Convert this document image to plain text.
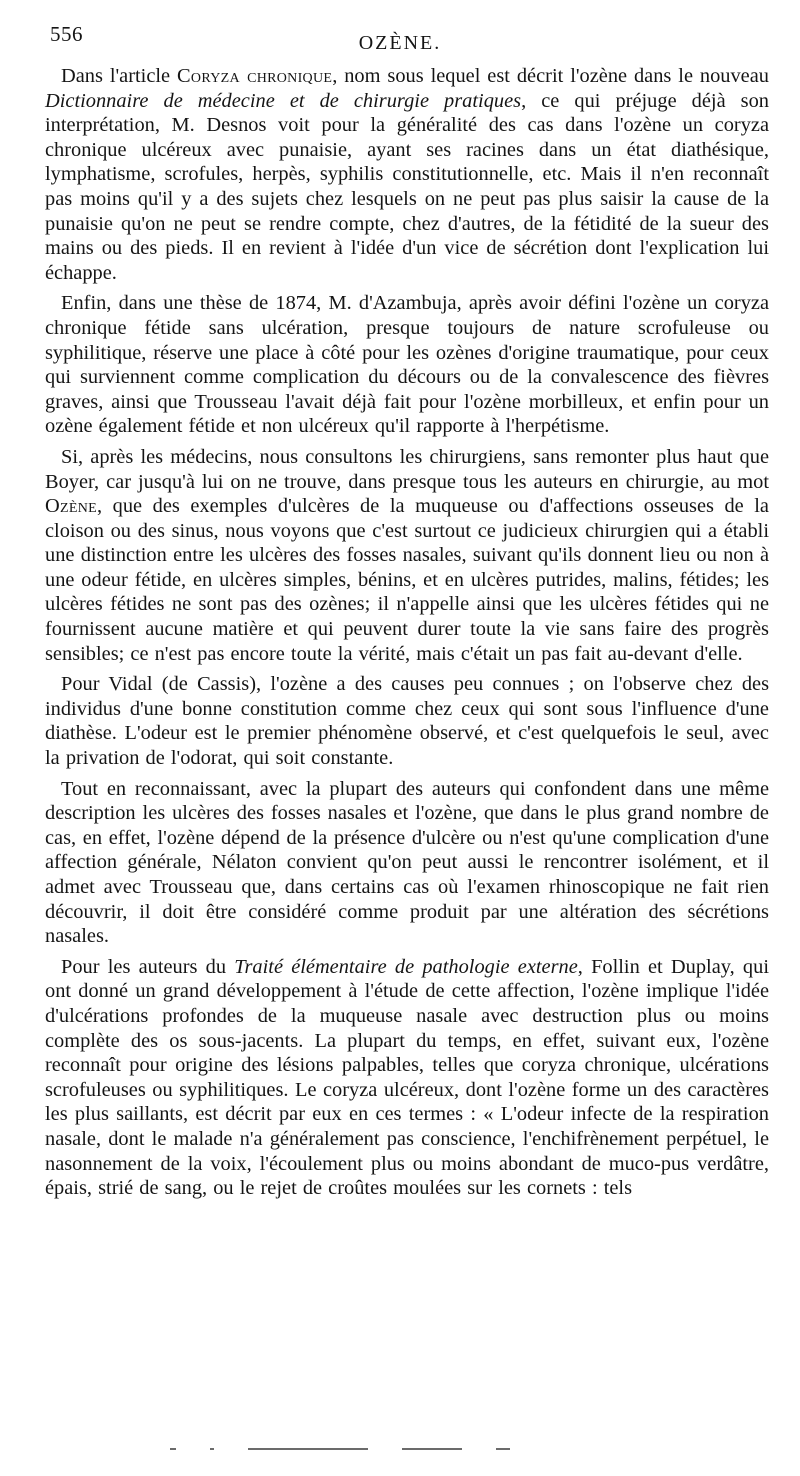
556	OZÈNE.

Dans l'article Coryza chronique, nom sous lequel est décrit l'ozène dans le nouveau Dictionnaire de médecine et de chirurgie pratiques, ce qui préjuge déjà son interprétation, M. Desnos voit pour la généralité des cas dans l'ozène un coryza chronique ulcéreux avec punaisie, ayant ses racines dans un état diathésique, lymphatisme, scrofules, herpès, syphilis constitutionnelle, etc. Mais il n'en reconnaît pas moins qu'il y a des sujets chez lesquels on ne peut pas plus saisir la cause de la punaisie qu'on ne peut se rendre compte, chez d'autres, de la fétidité de la sueur des mains ou des pieds. Il en revient à l'idée d'un vice de sécrétion dont l'explication lui échappe.

Enfin, dans une thèse de 1874, M. d'Azambuja, après avoir défini l'ozène un coryza chronique fétide sans ulcération, presque toujours de nature scrofuleuse ou syphilitique, réserve une place à côté pour les ozènes d'origine traumatique, pour ceux qui surviennent comme complication du décours ou de la convalescence des fièvres graves, ainsi que Trousseau l'avait déjà fait pour l'ozène morbilleux, et enfin pour un ozène également fétide et non ulcéreux qu'il rapporte à l'herpétisme.

Si, après les médecins, nous consultons les chirurgiens, sans remonter plus haut que Boyer, car jusqu'à lui on ne trouve, dans presque tous les auteurs en chirurgie, au mot Ozène, que des exemples d'ulcères de la muqueuse ou d'affections osseuses de la cloison ou des sinus, nous voyons que c'est surtout ce judicieux chirurgien qui a établi une distinction entre les ulcères des fosses nasales, suivant qu'ils donnent lieu ou non à une odeur fétide, en ulcères simples, bénins, et en ulcères putrides, malins, fétides; les ulcères fétides ne sont pas des ozènes; il n'appelle ainsi que les ulcères fétides qui ne fournissent aucune matière et qui peuvent durer toute la vie sans faire des progrès sensibles; ce n'est pas encore toute la vérité, mais c'était un pas fait au-devant d'elle.

Pour Vidal (de Cassis), l'ozène a des causes peu connues ; on l'observe chez des individus d'une bonne constitution comme chez ceux qui sont sous l'influence d'une diathèse. L'odeur est le premier phénomène observé, et c'est quelquefois le seul, avec la privation de l'odorat, qui soit constante.

Tout en reconnaissant, avec la plupart des auteurs qui confondent dans une même description les ulcères des fosses nasales et l'ozène, que dans le plus grand nombre de cas, en effet, l'ozène dépend de la présence d'ulcère ou n'est qu'une complication d'une affection générale, Nélaton convient qu'on peut aussi le rencontrer isolément, et il admet avec Trousseau que, dans certains cas où l'examen rhinoscopique ne fait rien découvrir, il doit être considéré comme produit par une altération des sécrétions nasales.

Pour les auteurs du Traité élémentaire de pathologie externe, Follin et Duplay, qui ont donné un grand développement à l'étude de cette affection, l'ozène implique l'idée d'ulcérations profondes de la muqueuse nasale avec destruction plus ou moins complète des os sous-jacents. La plupart du temps, en effet, suivant eux, l'ozène reconnaît pour origine des lésions palpables, telles que coryza chronique, ulcérations scrofuleuses ou syphilitiques. Le coryza ulcéreux, dont l'ozène forme un des caractères les plus saillants, est décrit par eux en ces termes : « L'odeur infecte de la respiration nasale, dont le malade n'a généralement pas conscience, l'enchifrènement perpétuel, le nasonnement de la voix, l'écoulement plus ou moins abondant de muco-pus verdâtre, épais, strié de sang, ou le rejet de croûtes moulées sur les cornets : tels
